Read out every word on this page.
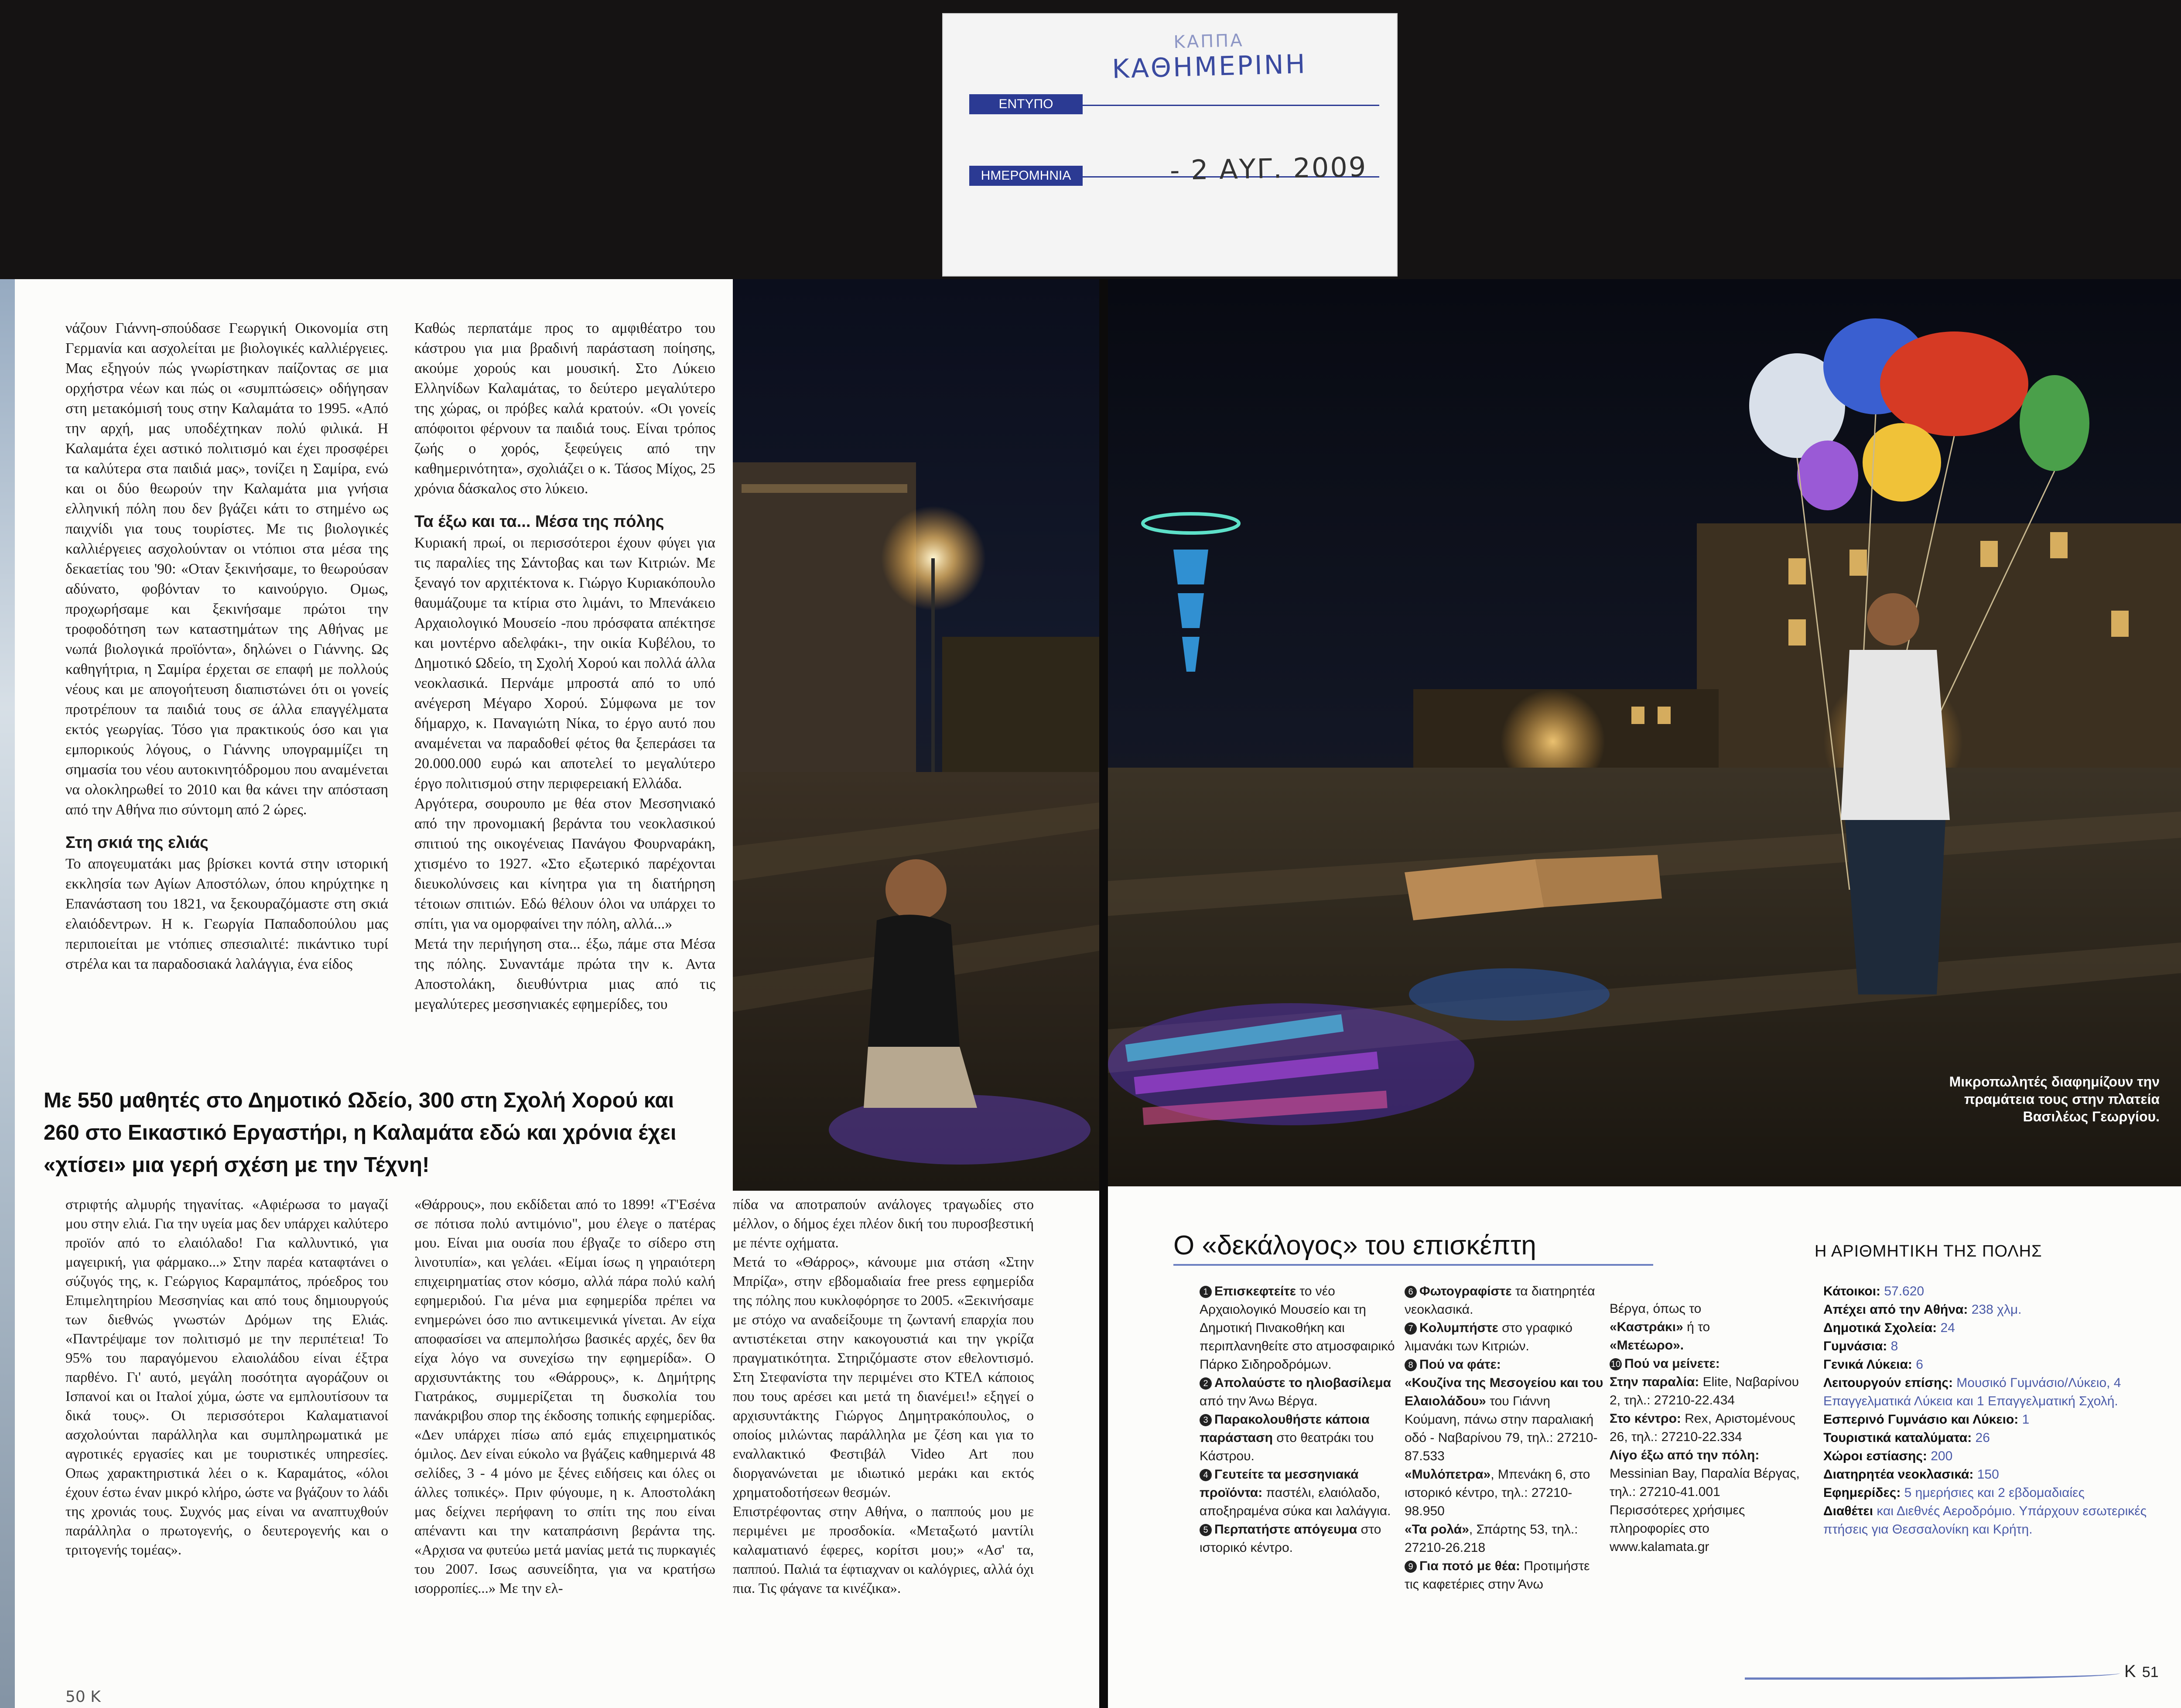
ΚΑΠΠΑ
ΚΑΘΗΜΕΡΙΝΗ
ΕΝΤΥΠΟ
ΗΜΕΡΟΜΗΝΙΑ	- 2 ΑΥΓ. 2009

νάζουν Γιάννη-σπούδασε Γεωργική Οικονομία στη Γερμανία και ασχολείται με βιολογικές καλλιέργειες. Μας εξηγούν πώς γνωρίστηκαν παίζοντας σε μια ορχήστρα νέων και πώς οι «συμπτώσεις» οδήγησαν στη μετακόμισή τους στην Καλαμάτα το 1995. «Από την αρχή, μας υποδέχτηκαν πολύ φιλικά. Η Καλαμάτα έχει αστικό πολιτισμό και έχει προσφέρει τα καλύτερα στα παιδιά μας», τονίζει η Σαμίρα, ενώ και οι δύο θεωρούν την Καλαμάτα μια γνήσια ελληνική πόλη που δεν βγάζει κάτι το στημένο ως παιχνίδι για τους τουρίστες. Με τις βιολογικές καλλιέργειες ασχολούνταν οι ντόπιοι στα μέσα της δεκαετίας του '90: «Οταν ξεκινήσαμε, το θεωρούσαν αδύνατο, φοβόνταν το καινούργιο. Ομως, προχωρήσαμε και ξεκινήσαμε πρώτοι την τροφοδότηση των καταστημάτων της Αθήνας με νωπά βιολογικά προϊόντα», δηλώνει ο Γιάννης. Ως καθηγήτρια, η Σαμίρα έρχεται σε επαφή με πολλούς νέους και με απογοήτευση διαπιστώνει ότι οι γονείς προτρέπουν τα παιδιά τους σε άλλα επαγγέλματα εκτός γεωργίας. Τόσο για πρακτικούς όσο και για εμπορικούς λόγους, ο Γιάννης υπογραμμίζει τη σημασία του νέου αυτοκινητόδρομου που αναμένεται να ολοκληρωθεί το 2010 και θα κάνει την απόσταση από την Αθήνα πιο σύντομη από 2 ώρες.

Στη σκιά της ελιάς

Το απογευματάκι μας βρίσκει κοντά στην ιστορική εκκλησία των Αγίων Αποστόλων, όπου κηρύχτηκε η Επανάσταση του 1821, να ξεκουραζόμαστε στη σκιά ελαιόδεντρων. Η κ. Γεωργία Παπαδοπούλου μας περιποιείται με ντόπιες σπεσιαλιτέ: πικάντικο τυρί στρέλα και τα παραδοσιακά λαλάγγια, ένα είδος

Καθώς περπατάμε προς το αμφιθέατρο του κάστρου για μια βραδινή παράσταση ποίησης, ακούμε χορούς και μουσική. Στο Λύκειο Ελληνίδων Καλαμάτας, το δεύτερο μεγαλύτερο της χώρας, οι πρόβες καλά κρατούν. «Οι γονείς απόφοιτοι φέρνουν τα παιδιά τους. Είναι τρόπος ζωής ο χορός, ξεφεύγεις από την καθημερινότητα», σχολιάζει ο κ. Τάσος Μίχος, 25 χρόνια δάσκαλος στο λύκειο.

Τα έξω και τα... Μέσα της πόλης

Κυριακή πρωί, οι περισσότεροι έχουν φύγει για τις παραλίες της Σάντοβας και των Κιτριών. Με ξεναγό τον αρχιτέκτονα κ. Γιώργο Κυριακόπουλο θαυμάζουμε τα κτίρια στο λιμάνι, το Μπενάκειο Αρχαιολογικό Μουσείο -που πρόσφατα απέκτησε και μοντέρνο αδελφάκι-, την οικία Κυβέλου, το Δημοτικό Ωδείο, τη Σχολή Χορού και πολλά άλλα νεοκλασικά. Περνάμε μπροστά από το υπό ανέγερση Μέγαρο Χορού. Σύμφωνα με τον δήμαρχο, κ. Παναγιώτη Νίκα, το έργο αυτό που αναμένεται να παραδοθεί φέτος θα ξεπεράσει τα 20.000.000 ευρώ και αποτελεί το μεγαλύτερο έργο πολιτισμού στην περιφερειακή Ελλάδα.

Αργότερα, σουρουπο με θέα στον Μεσσηνιακό από την προνομιακή βεράντα του νεοκλασικού σπιτιού της οικογένειας Πανάγου Φουρναράκη, χτισμένο το 1927. «Στο εξωτερικό παρέχονται διευκολύνσεις και κίνητρα για τη διατήρηση τέτοιων σπιτιών. Εδώ θέλουν όλοι να υπάρχει το σπίτι, για να ομορφαίνει την πόλη, αλλά...»

Μετά την περιήγηση στα... έξω, πάμε στα Μέσα της πόλης. Συναντάμε πρώτα την κ. Αντα Αποστολάκη, διευθύντρια μιας από τις μεγαλύτερες μεσσηνιακές εφημερίδες, του

Με 550 μαθητές στο Δημοτικό Ωδείο, 300 στη Σχολή Χορού και 260 στο Εικαστικό Εργαστήρι, η Καλαμάτα εδώ και χρόνια έχει «χτίσει» μια γερή σχέση με την Τέχνη!

στριφτής αλμυρής τηγανίτας. «Αφιέρωσα το μαγαζί μου στην ελιά. Για την υγεία μας δεν υπάρχει καλύτερο προϊόν από το ελαιόλαδο! Για καλλυντικό, για μαγειρική, για φάρμακο...» Στην παρέα καταφτάνει ο σύζυγός της, κ. Γεώργιος Καραμπάτος, πρόεδρος του Επιμελητηρίου Μεσσηνίας και από τους δημιουργούς των διεθνώς γνωστών Δρόμων της Ελιάς. «Παντρέψαμε τον πολιτισμό με την περιπέτεια! Το 95% του παραγόμενου ελαιολάδου είναι έξτρα παρθένο. Γι' αυτό, μεγάλη ποσότητα αγοράζουν οι Ισπανοί και οι Ιταλοί χύμα, ώστε να εμπλουτίσουν τα δικά τους». Οι περισσότεροι Καλαματιανοί ασχολούνται παράλληλα και συμπληρωματικά με αγροτικές εργασίες και με τουριστικές υπηρεσίες. Οπως χαρακτηριστικά λέει ο κ. Καραμάτος, «όλοι έχουν έστω έναν μικρό κλήρο, ώστε να βγάζουν το λάδι της χρονιάς τους. Συχνός μας είναι να αναπτυχθούν παράλληλα ο πρωτογενής, ο δευτερογενής και ο τριτογενής τομέας».

«Θάρρους», που εκδίδεται από το 1899! «Τ'Εσένα σε πότισα πολύ αντιμόνιο", μου έλεγε ο πατέρας μου. Είναι μια ουσία που έβγαζε το σίδερο στη λινοτυπία», και γελάει. «Είμαι ίσως η γηραιότερη επιχειρηματίας στον κόσμο, αλλά πάρα πολύ καλή εφημεριδού. Για μένα μια εφημερίδα πρέπει να ενημερώνει όσο πιο αντικειμενικά γίνεται. Αν είχα αποφασίσει να απεμπολήσω βασικές αρχές, δεν θα είχα λόγο να συνεχίσω την εφημερίδα». Ο αρχισυντάκτης του «Θάρρους», κ. Δημήτρης Γιατράκος, συμμερίζεται τη δυσκολία του πανάκριβου σπορ της έκδοσης τοπικής εφημερίδας. «Δεν υπάρχει πίσω από εμάς επιχειρηματικός όμιλος. Δεν είναι εύκολο να βγάζεις καθημερινά 48 σελίδες, 3 - 4 μόνο με ξένες ειδήσεις και όλες οι άλλες τοπικές». Πριν φύγουμε, η κ. Αποστολάκη μας δείχνει περήφανη το σπίτι της που είναι απέναντι και την καταπράσινη βεράντα της. «Αρχισα να φυτεύω μετά μανίας μετά τις πυρκαγιές του 2007. Ισως ασυνείδητα, για να κρατήσω ισορροπίες...» Με την ελ-

πίδα να αποτραπούν ανάλογες τραγωδίες στο μέλλον, ο δήμος έχει πλέον δική του πυροσβεστική με πέντε οχήματα.

Μετά το «Θάρρος», κάνουμε μια στάση «Στην Μπρίζα», στην εβδομαδιαία free press εφημερίδα της πόλης που κυκλοφόρησε το 2005. «Ξεκινήσαμε με στόχο να αναδείξουμε τη ζωντανή επαρχία που αντιστέκεται στην κακογουστιά και την γκρίζα πραγματικότητα. Στηριζόμαστε στον εθελοντισμό. Στη Στεφανίστα την περιμένει στο ΚΤΕΛ κάποιος που τους αρέσει και μετά τη διανέμει!» εξηγεί ο αρχισυντάκτης Γιώργος Δημητρακόπουλος, ο οποίος μιλώντας παράλληλα με ζέση και για το εναλλακτικό Φεστιβάλ Video Art που διοργανώνεται με ιδιωτικό μεράκι και εκτός χρηματοδοτήσεων θεσμών.

Επιστρέφοντας στην Αθήνα, ο παππούς μου με περιμένει με προσδοκία. «Μεταξωτό μαντίλι καλαματιανό έφερες, κορίτσι μου;» «Ασ' τα, παππού. Παλιά τα έφτιαχναν οι καλόγριες, αλλά όχι πια. Τις φάγανε τα κινέζικα».

50 Κ
Μικροπωλητές διαφημίζουν την πραμάτεια τους στην πλατεία Βασιλέως Γεωργίου.
Ο «δεκάλογος» του επισκέπτη	Η ΑΡΙΘΜΗΤΙΚΗ ΤΗΣ ΠΟΛΗΣ

1 Επισκεφτείτε το νέο Αρχαιολογικό Μουσείο και τη Δημοτική Πινακοθήκη και περιπλανηθείτε στο ατμοσφαιρικό Πάρκο Σιδηροδρόμων.

2 Απολαύστε το ηλιοβασίλεμα από την Άνω Βέργα.

3 Παρακολουθήστε κάποια παράσταση στο θεατράκι του Κάστρου.

4 Γευτείτε τα μεσσηνιακά προϊόντα: παστέλι, ελαιόλαδο, αποξηραμένα σύκα και λαλάγγια.

5 Περπατήστε απόγευμα στο ιστορικό κέντρο.

6 Φωτογραφίστε τα διατηρητέα νεοκλασικά.

7 Κολυμπήστε στο γραφικό λιμανάκι των Κιτριών.

8 Πού να φάτε:

«Κουζίνα της Μεσογείου και του Ελαιολάδου» του Γιάννη Κούμανη, πάνω στην παραλιακή οδό - Ναβαρίνου 79, τηλ.: 27210-87.533

«Μυλόπετρα», Μπενάκη 6, στο ιστορικό κέντρο, τηλ.: 27210-98.950

«Τα ρολά», Σπάρτης 53, τηλ.: 27210-26.218

9 Για ποτό με θέα: Προτιμήστε τις καφετέριες στην Άνω

Βέργα, όπως το

«Καστράκι» ή το

«Μετέωρο».

10 Πού να μείνετε:

Στην παραλία: Elite, Ναβαρίνου 2, τηλ.: 27210-22.434

Στο κέντρο: Rex, Αριστομένους 26, τηλ.: 27210-22.334

Λίγο έξω από την πόλη: Messinian Bay, Παραλία Βέργας, τηλ.: 27210-41.001

Περισσότερες χρήσιμες πληροφορίες στο www.kalamata.gr

Κάτοικοι: 57.620

Απέχει από την Αθήνα: 238 χλμ.

Δημοτικά Σχολεία: 24

Γυμνάσια: 8

Γενικά Λύκεια: 6

Λειτουργούν επίσης: Μουσικό Γυμνάσιο/Λύκειο, 4 Επαγγελματικά Λύκεια και 1 Επαγγελματική Σχολή.

Εσπερινό Γυμνάσιο και Λύκειο: 1

Τουριστικά καταλύματα: 26

Χώροι εστίασης: 200

Διατηρητέα νεοκλασικά: 150

Εφημερίδες: 5 ημερήσιες και 2 εβδομαδιαίες

Διαθέτει και Διεθνές Αεροδρόμιο. Υπάρχουν εσωτερικές πτήσεις για Θεσσαλονίκη και Κρήτη.

Κ 51
